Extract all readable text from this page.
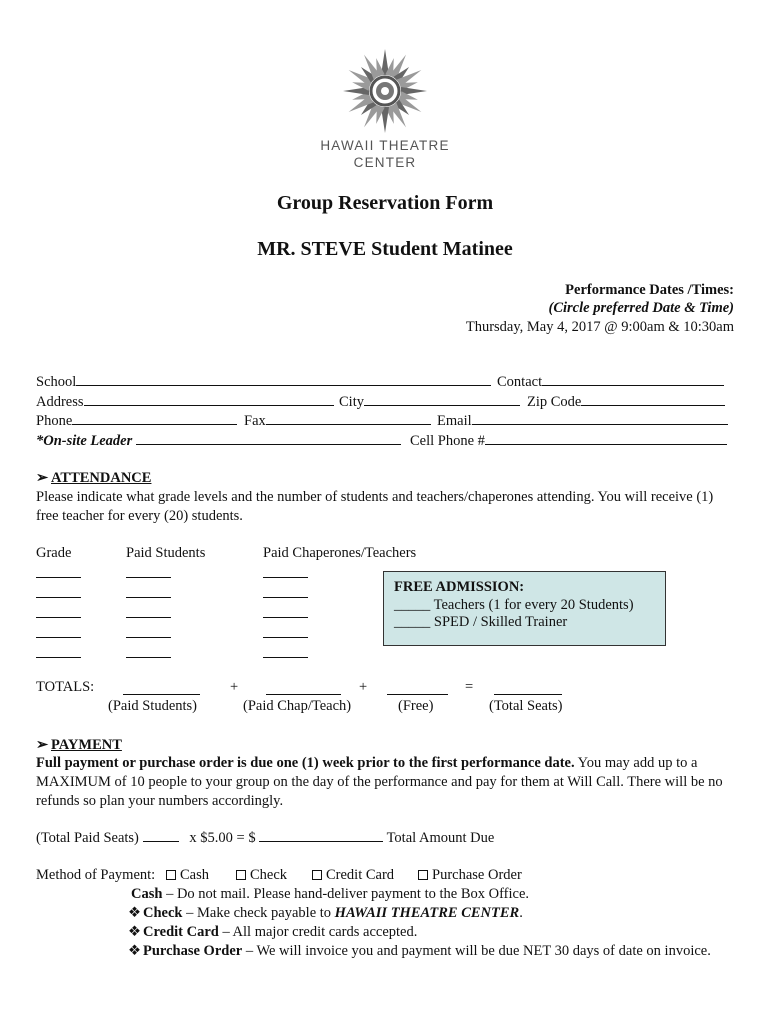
HAWAII THEATRE
CENTER
Group Reservation Form
MR. STEVE Student Matinee
Performance Dates /Times:
(Circle preferred Date & Time)
Thursday, May 4, 2017 @ 9:00am & 10:30am
School	Contact
Address	City	Zip Code
Phone	Fax	Email
*On-site Leader	Cell Phone #
➢ ATTENDANCE

Please indicate what grade levels and the number of students and teachers/chaperones attending. You will receive (1) free teacher for every (20) students.

Grade	Paid Students	Paid Chaperones/Teachers
FREE ADMISSION:
_____ Teachers (1 for every 20 Students)
_____ SPED / Skilled Trainer
TOTALS:	+	+	=
(Paid Students)	(Paid Chap/Teach)	(Free)	(Total Seats)
➢ PAYMENT

Full payment or purchase order is due one (1) week prior to the first performance date. You may add up to a MAXIMUM of 10 people to your group on the day of the performance and pay for them at Will Call. There will be no refunds so plan your numbers accordingly.

(Total Paid Seats)	x $5.00 = $	Total Amount Due
Method of Payment:	Cash	Check	Credit Card	Purchase Order
Cash – Do not mail. Please hand-deliver payment to the Box Office.
❖ Check – Make check payable to HAWAII THEATRE CENTER.
❖ Credit Card – All major credit cards accepted.
❖ Purchase Order – We will invoice you and payment will be due NET 30 days of date on invoice.
